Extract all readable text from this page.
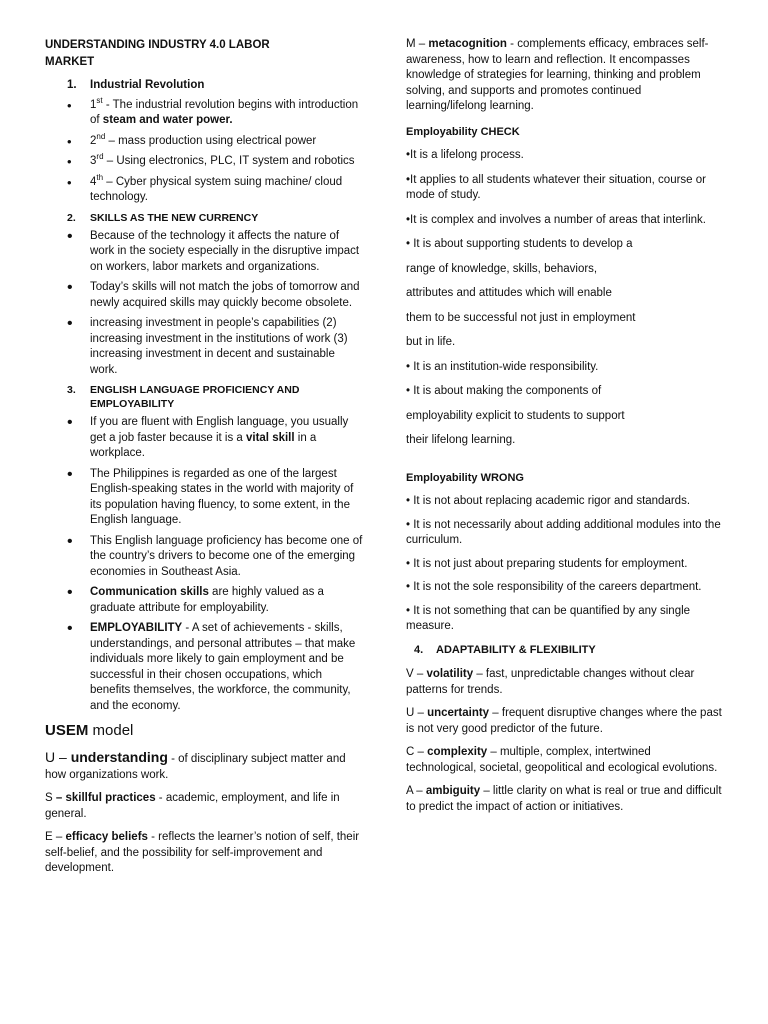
UNDERSTANDING INDUSTRY 4.0 LABOR
MARKET
1.	Industrial Revolution
• 1st - The industrial revolution begins with introduction of steam and water power.
• 2nd – mass production using electrical power
• 3rd – Using electronics, PLC, IT system and robotics
• 4th – Cyber physical system suing machine/ cloud technology.
2.	SKILLS AS THE NEW CURRENCY
• Because of the technology it affects the nature of work in the society especially in the disruptive impact on workers, labor markets and organizations.
• Today’s skills will not match the jobs of tomorrow and newly acquired skills may quickly become obsolete.
• increasing investment in people’s capabilities (2) increasing investment in the institutions of work (3) increasing investment in decent and sustainable work.
3.	ENGLISH LANGUAGE PROFICIENCY AND EMPLOYABILITY
• If you are fluent with English language, you usually get a job faster because it is a vital skill in a workplace.
• The Philippines is regarded as one of the largest English-speaking states in the world with majority of its population having fluency, to some extent, in the English language.
• This English language proficiency has become one of the country’s drivers to become one of the emerging economies in Southeast Asia.
• Communication skills are highly valued as a graduate attribute for employability.
• EMPLOYABILITY - A set of achievements - skills, understandings, and personal attributes – that make individuals more likely to gain employment and be successful in their chosen occupations, which benefits themselves, the workforce, the community, and the economy.
USEM model
U – understanding - of disciplinary subject matter and how organizations work.
S – skillful practices - academic, employment, and life in general.
E – efficacy beliefs - reflects the learner’s notion of self, their self-belief, and the possibility for self-improvement and development.
M – metacognition - complements efficacy, embraces self-awareness, how to learn and reflection. It encompasses knowledge of strategies for learning, thinking and problem solving, and supports and promotes continued learning/lifelong learning.
Employability CHECK
•It is a lifelong process.
•It applies to all students whatever their situation, course or mode of study.
•It is complex and involves a number of areas that interlink.
• It is about supporting students to develop a
range of knowledge, skills, behaviors,
attributes and attitudes which will enable
them to be successful not just in employment
but in life.
• It is an institution-wide responsibility.
• It is about making the components of
employability explicit to students to support
their lifelong learning.
Employability WRONG
• It is not about replacing academic rigor and standards.
• It is not necessarily about adding additional modules into the curriculum.
• It is not just about preparing students for employment.
• It is not the sole responsibility of the careers department.
• It is not something that can be quantified by any single measure.
4. ADAPTABILITY & FLEXIBILITY
V – volatility – fast, unpredictable changes without clear patterns for trends.
U – uncertainty – frequent disruptive changes where the past is not very good predictor of the future.
C – complexity – multiple, complex, intertwined technological, societal, geopolitical and ecological evolutions.
A – ambiguity – little clarity on what is real or true and difficult to predict the impact of action or initiatives.
